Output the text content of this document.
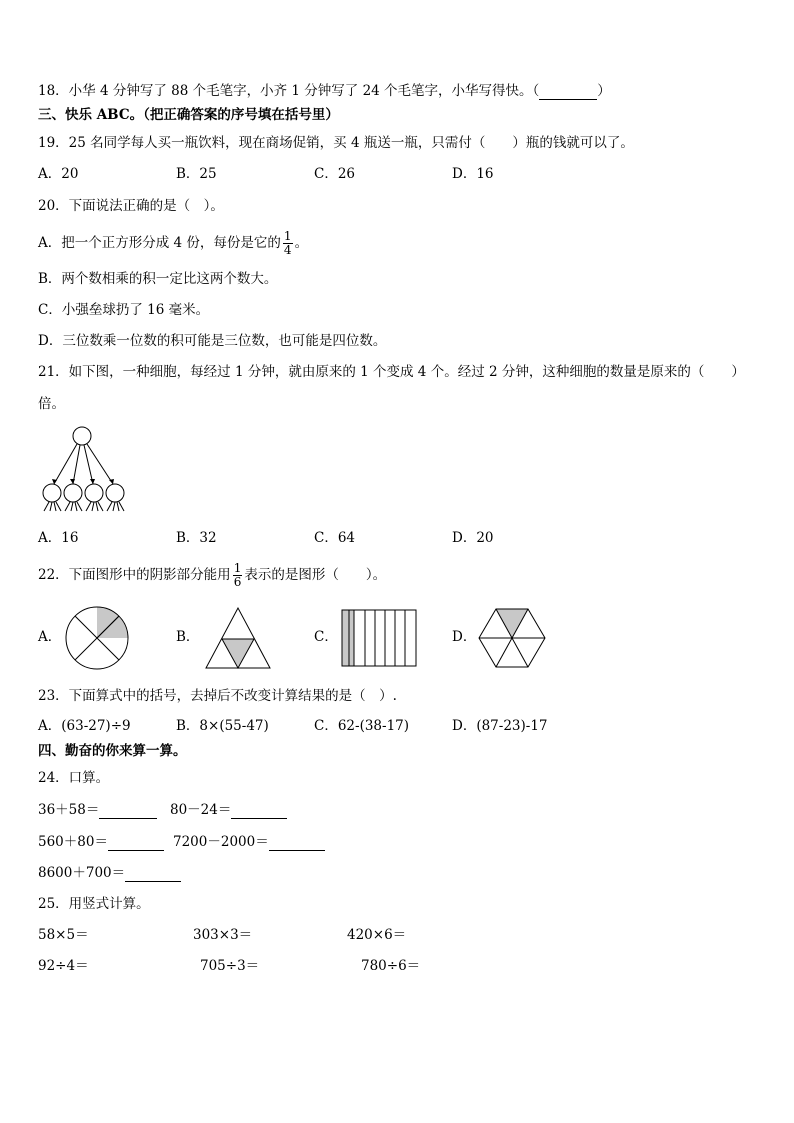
18．小华 4 分钟写了 88 个毛笔字，小齐 1 分钟写了 24 个毛笔字，小华写得快。（	）
三、快乐 ABC。（把正确答案的序号填在括号里）
19．25 名同学每人买一瓶饮料，现在商场促销，买 4 瓶送一瓶，只需付（　　）瓶的钱就可以了。
A．20	B．25	C．26	D．16
20．下面说法正确的是（　）。
A．把一个正方形分成 4 份，每份是它的 $\frac{1}{4}$ 。
B．两个数相乘的积一定比这两个数大。
C．小强垒球扔了 16 毫米。
D．三位数乘一位数的积可能是三位数，也可能是四位数。
21．如下图，一种细胞，每经过 1 分钟，就由原来的 1 个变成 4 个。经过 2 分钟，这种细胞的数量是原来的（　　）
倍。
A．16	B．32	C．64	D．20
22．下面图形中的阴影部分能用 $\frac{1}{6}$ 表示的是图形（　　）。
A．	B．	C．	D．
23．下面算式中的括号，去掉后不改变计算结果的是（　）.
A．(63-27)÷9	B．8×(55-47)	C．62-(38-17)	D．(87-23)-17
四、勤奋的你来算一算。
24．口算。
36＋58＝	80－24＝
560＋80＝	7200－2000＝
8600＋700＝
25．用竖式计算。
58×5＝	303×3＝	420×6＝
92÷4＝	705÷3＝	780÷6＝
